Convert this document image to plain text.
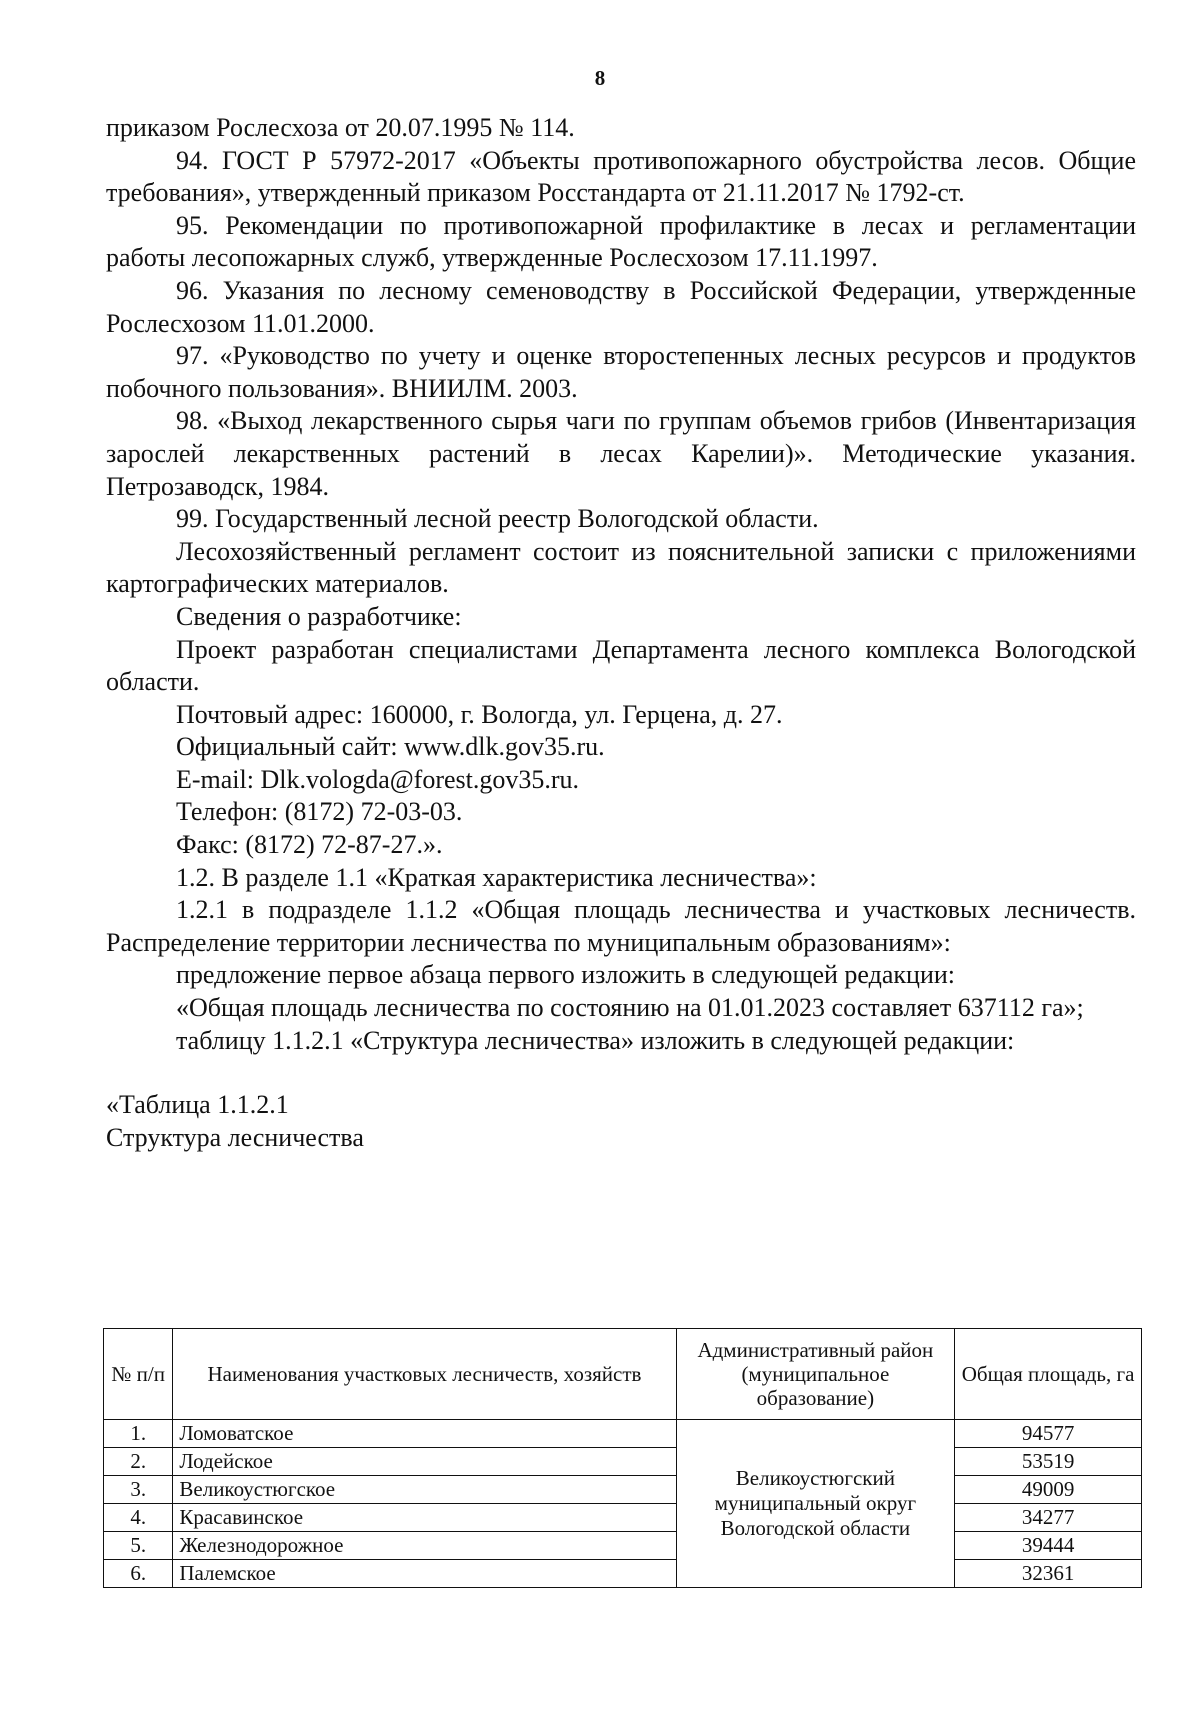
8

приказом Рослесхоза от 20.07.1995 № 114.

94. ГОСТ Р 57972-2017 «Объекты противопожарного обустройства лесов. Общие требования», утвержденный приказом Росстандарта от 21.11.2017 № 1792-ст.

95. Рекомендации по противопожарной профилактике в лесах и регламентации работы лесопожарных служб, утвержденные Рослесхозом 17.11.1997.

96. Указания по лесному семеноводству в Российской Федерации, утвержденные Рослесхозом 11.01.2000.

97. «Руководство по учету и оценке второстепенных лесных ресурсов и продуктов побочного пользования». ВНИИЛМ. 2003.

98. «Выход лекарственного сырья чаги по группам объемов грибов (Инвентаризация зарослей лекарственных растений в лесах Карелии)». Методические указания. Петрозаводск, 1984.

99. Государственный лесной реестр Вологодской области.

Лесохозяйственный регламент состоит из пояснительной записки с приложениями картографических материалов.

Сведения о разработчике:

Проект разработан специалистами Департамента лесного комплекса Вологодской области.

Почтовый адрес: 160000, г. Вологда, ул. Герцена, д. 27.

Официальный сайт: www.dlk.gov35.ru.

E-mail: Dlk.vologda@forest.gov35.ru.

Телефон: (8172) 72-03-03.

Факс: (8172) 72-87-27.».

1.2. В разделе 1.1 «Краткая характеристика лесничества»:

1.2.1 в подразделе 1.1.2 «Общая площадь лесничества и участковых лесничеств. Распределение территории лесничества по муниципальным образованиям»:

предложение первое абзаца первого изложить в следующей редакции:

«Общая площадь лесничества по состоянию на 01.01.2023 составляет 637112 га»;

таблицу 1.1.2.1 «Структура лесничества» изложить в следующей редакции:

«Таблица 1.1.2.1

Структура лесничества

№ п/п	Наименования участковых лесничеств, хозяйств	Административный район (муниципальное образование)	Общая площадь, га
1.	Ломоватское	Великоустюгский муниципальный округ Вологодской области	94577
2.	Лодейское		53519
3.	Великоустюгское		49009
4.	Красавинское		34277
5.	Железнодорожное		39444
6.	Палемское		32361
